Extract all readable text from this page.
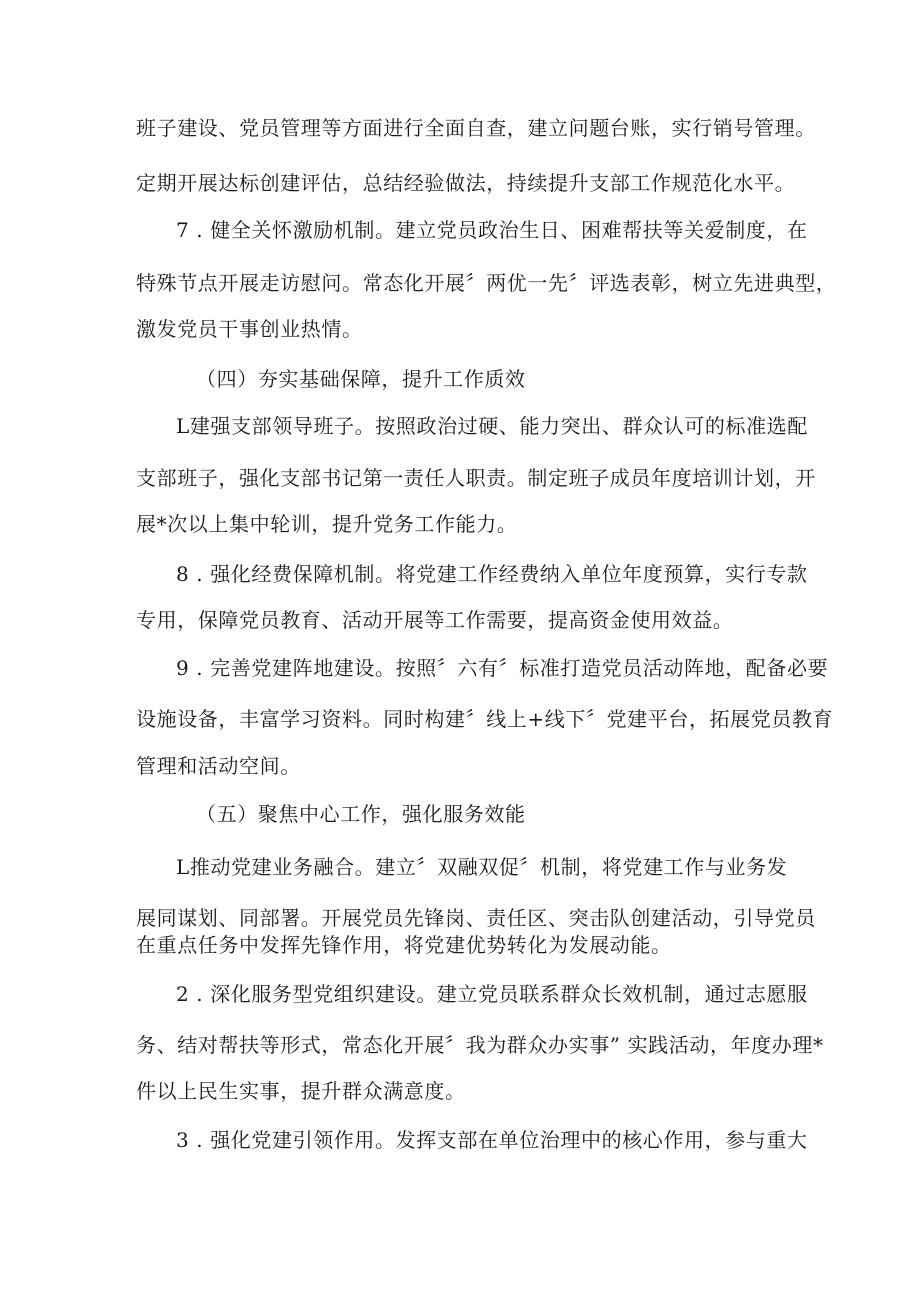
班子建设、党员管理等方面进行全面自查，建立问题台账，实行销号管理。
定期开展达标创建评估，总结经验做法，持续提升支部工作规范化水平。
7 . 健全关怀激励机制。建立党员政治生日、困难帮扶等关爱制度，在
特殊节点开展走访慰问。常态化开展〞两优一先〞评选表彰，树立先进典型，
激发党员干事创业热情。
（四）夯实基础保障，提升工作质效
L建强支部领导班子。按照政治过硬、能力突出、群众认可的标准选配
支部班子，强化支部书记第一责任人职责。制定班子成员年度培训计划，开
展*次以上集中轮训，提升党务工作能力。
8 . 强化经费保障机制。将党建工作经费纳入单位年度预算，实行专款
专用，保障党员教育、活动开展等工作需要，提高资金使用效益。
9 . 完善党建阵地建设。按照〞六有〞标准打造党员活动阵地，配备必要
设施设备，丰富学习资料。同时构建〞线上+线下〞党建平台，拓展党员教育
管理和活动空间。
（五）聚焦中心工作，强化服务效能
L推动党建业务融合。建立〞双融双促〞机制，将党建工作与业务发
展同谋划、同部署。开展党员先锋岗、责任区、突击队创建活动，引导党员
在重点任务中发挥先锋作用，将党建优势转化为发展动能。
2 . 深化服务型党组织建设。建立党员联系群众长效机制，通过志愿服
务、结对帮扶等形式，常态化开展〞我为群众办实事” 实践活动，年度办理*
件以上民生实事，提升群众满意度。
3 . 强化党建引领作用。发挥支部在单位治理中的核心作用，参与重大
